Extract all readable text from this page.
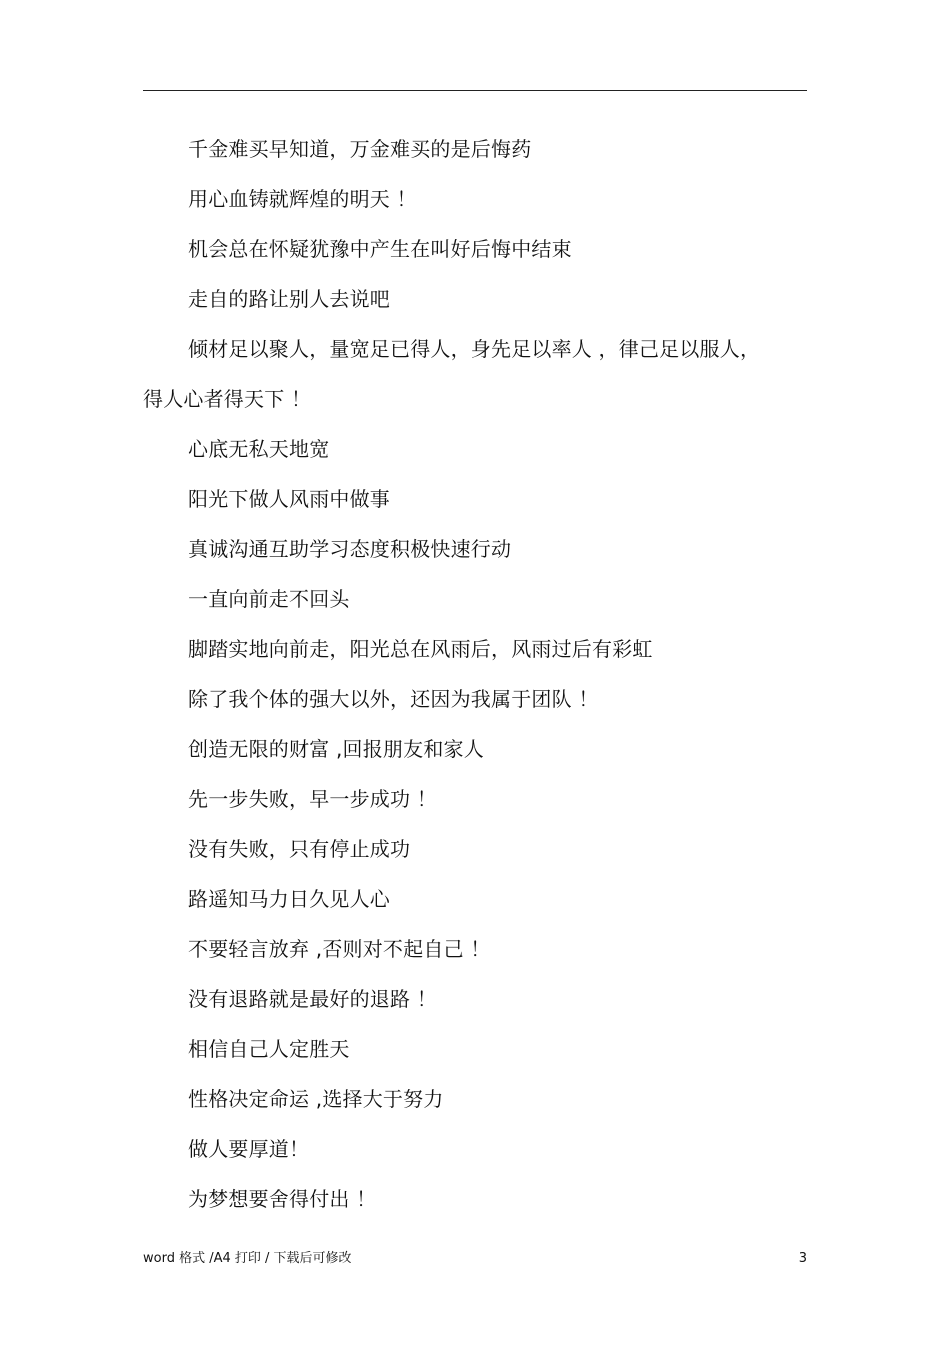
千金难买早知道，万金难买的是后悔药
用心血铸就辉煌的明天 ！
机会总在怀疑犹豫中产生在叫好后悔中结束
走自的路让别人去说吧
倾材足以聚人，量宽足已得人，身先足以率人 ，律己足以服人，
得人心者得天下 ！
心底无私天地宽
阳光下做人风雨中做事
真诚沟通互助学习态度积极快速行动
一直向前走不回头
脚踏实地向前走，阳光总在风雨后，风雨过后有彩虹
除了我个体的强大以外，还因为我属于团队 ！
创造无限的财富 ,回报朋友和家人
先一步失败，早一步成功 ！
没有失败，只有停止成功
路遥知马力日久见人心
不要轻言放弃 ,否则对不起自己 ！
没有退路就是最好的退路 ！
相信自己人定胜天
性格决定命运 ,选择大于努力
做人要厚道！
为梦想要舍得付出 ！
word 格式 /A4 打印 / 下载后可修改	3
